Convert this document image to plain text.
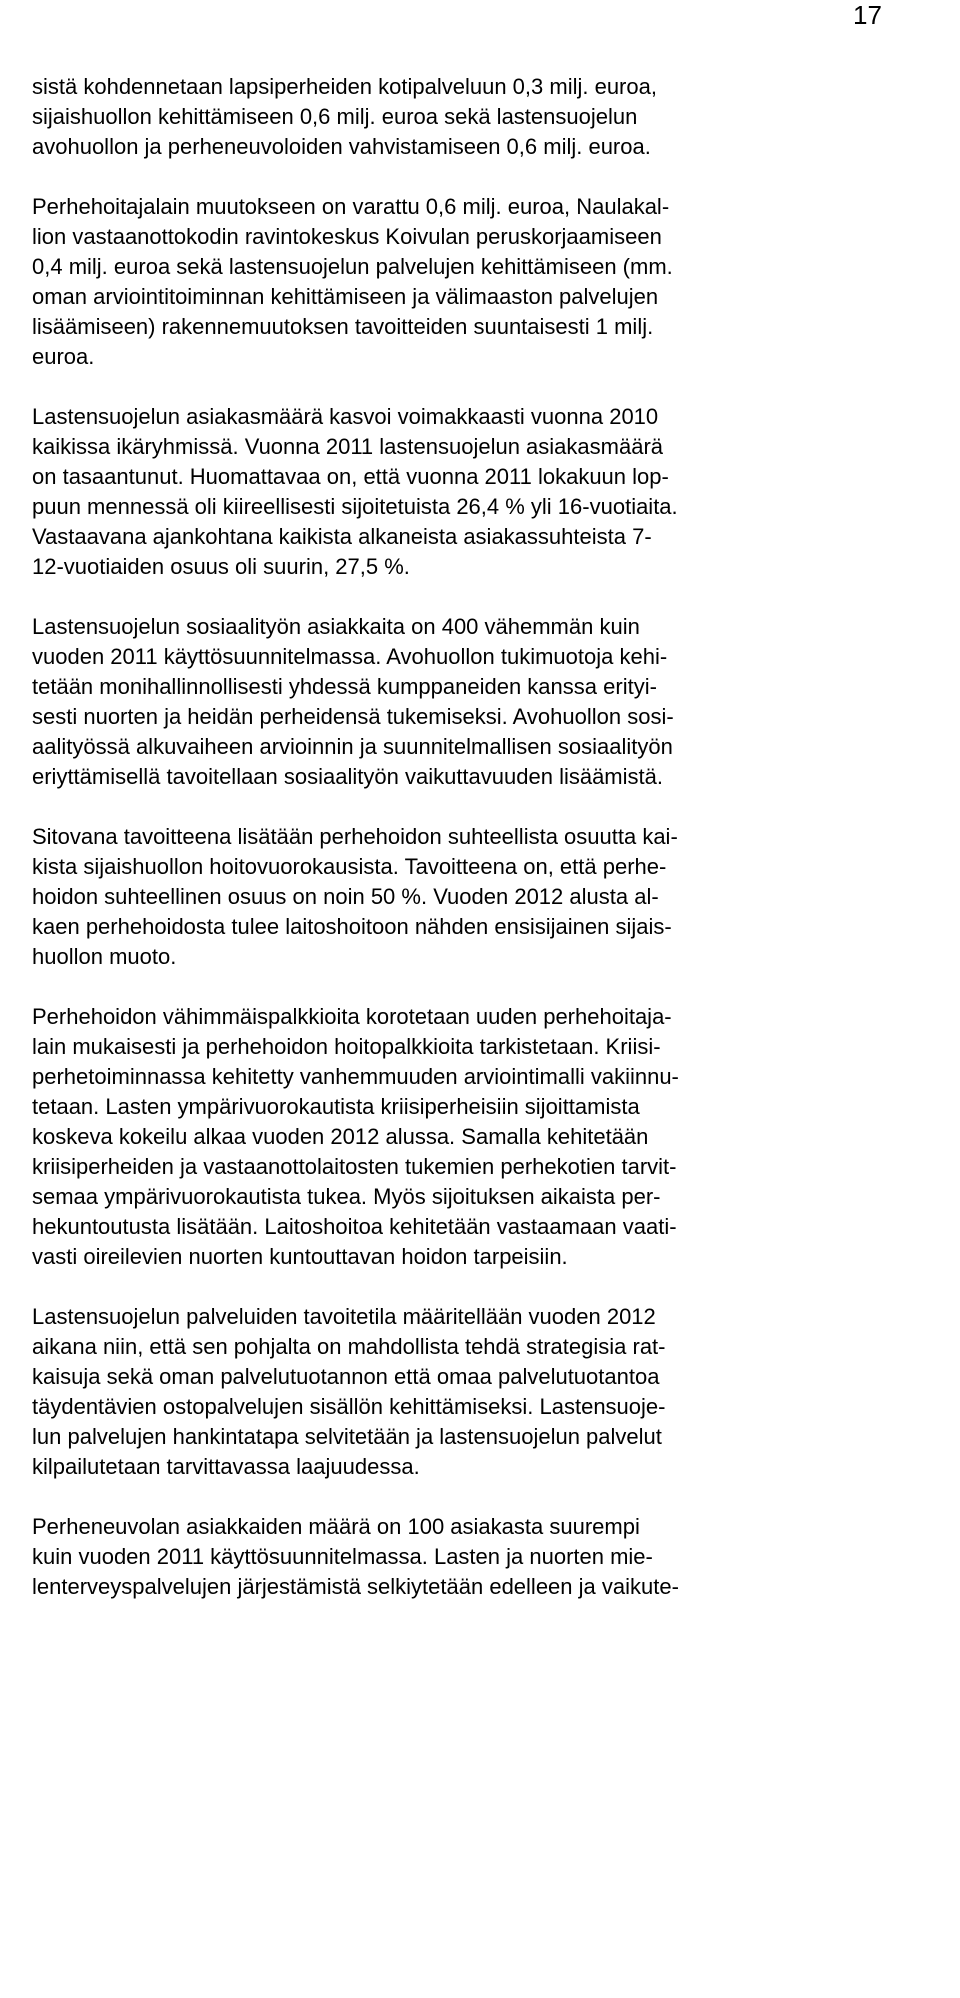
17

sistä kohdennetaan lapsiperheiden kotipalveluun 0,3 milj. euroa,
sijaishuollon kehittämiseen 0,6 milj. euroa sekä lastensuojelun
avohuollon ja perheneuvoloiden vahvistamiseen 0,6 milj. euroa.

Perhehoitajalain muutokseen on varattu 0,6 milj. euroa, Naulakal-
lion vastaanottokodin ravintokeskus Koivulan peruskorjaamiseen
0,4 milj. euroa sekä lastensuojelun palvelujen kehittämiseen (mm.
oman arviointitoiminnan kehittämiseen ja välimaaston palvelujen
lisäämiseen) rakennemuutoksen tavoitteiden suuntaisesti 1 milj.
euroa.

Lastensuojelun asiakasmäärä kasvoi voimakkaasti vuonna 2010
kaikissa ikäryhmissä. Vuonna 2011 lastensuojelun asiakasmäärä
on tasaantunut. Huomattavaa on, että vuonna 2011 lokakuun lop-
puun mennessä oli kiireellisesti sijoitetuista 26,4 % yli 16-vuotiaita.
Vastaavana ajankohtana kaikista alkaneista asiakassuhteista 7-
12-vuotiaiden osuus oli suurin, 27,5 %.

Lastensuojelun sosiaalityön asiakkaita on 400 vähemmän kuin
vuoden 2011 käyttösuunnitelmassa. Avohuollon tukimuotoja kehi-
tetään monihallinnollisesti yhdessä kumppaneiden kanssa erityi-
sesti nuorten ja heidän perheidensä tukemiseksi. Avohuollon sosi-
aalityössä alkuvaiheen arvioinnin ja suunnitelmallisen sosiaalityön
eriyttämisellä tavoitellaan sosiaalityön vaikuttavuuden lisäämistä.

Sitovana tavoitteena lisätään perhehoidon suhteellista osuutta kai-
kista sijaishuollon hoitovuorokausista. Tavoitteena on, että perhe-
hoidon suhteellinen osuus on noin 50 %. Vuoden 2012 alusta al-
kaen perhehoidosta tulee laitoshoitoon nähden ensisijainen sijais-
huollon muoto.

Perhehoidon vähimmäispalkkioita korotetaan uuden perhehoitaja-
lain mukaisesti ja perhehoidon hoitopalkkioita tarkistetaan. Kriisi-
perhetoiminnassa kehitetty vanhemmuuden arviointimalli vakiinnu-
tetaan. Lasten ympärivuorokautista kriisiperheisiin sijoittamista
koskeva kokeilu alkaa vuoden 2012 alussa. Samalla kehitetään
kriisiperheiden ja vastaanottolaitosten tukemien perhekotien tarvit-
semaa ympärivuorokautista tukea. Myös sijoituksen aikaista per-
hekuntoutusta lisätään. Laitoshoitoa kehitetään vastaamaan vaati-
vasti oireilevien nuorten kuntouttavan hoidon tarpeisiin.

Lastensuojelun palveluiden tavoitetila määritellään vuoden 2012
aikana niin, että sen pohjalta on mahdollista tehdä strategisia rat-
kaisuja sekä oman palvelutuotannon että omaa palvelutuotantoa
täydentävien ostopalvelujen sisällön kehittämiseksi. Lastensuoje-
lun palvelujen hankintatapa selvitetään ja lastensuojelun palvelut
kilpailutetaan tarvittavassa laajuudessa.

Perheneuvolan asiakkaiden määrä on 100 asiakasta suurempi
kuin vuoden 2011 käyttösuunnitelmassa. Lasten ja nuorten mie-
lenterveyspalvelujen järjestämistä selkiytetään edelleen ja vaikute-
